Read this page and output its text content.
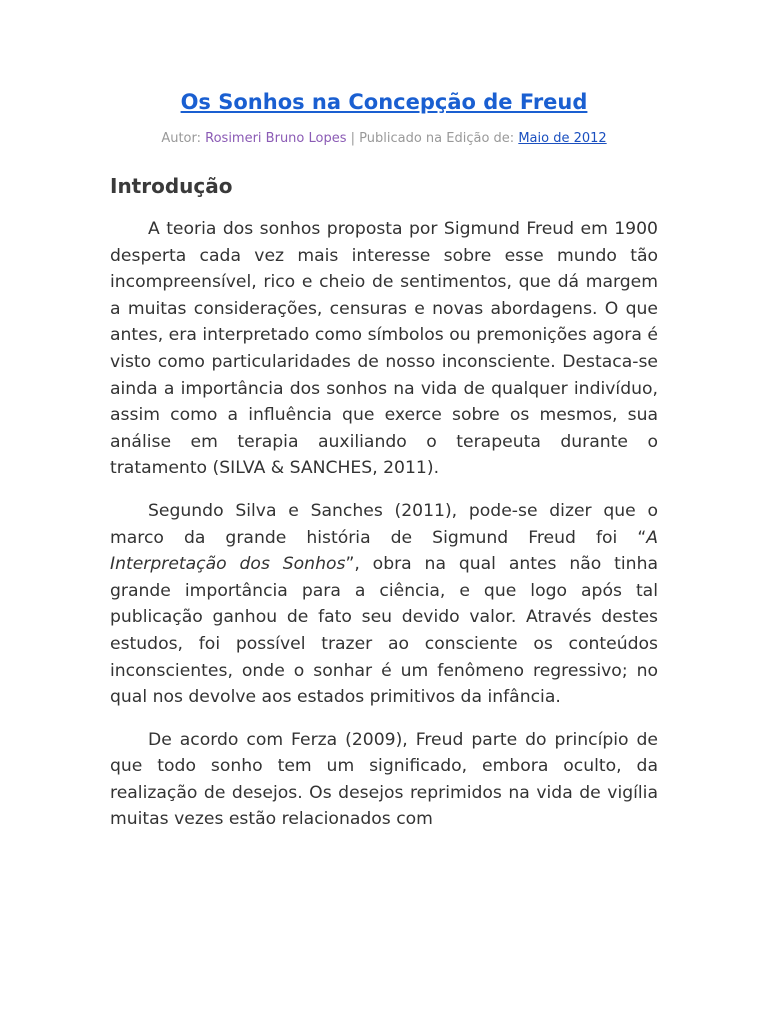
Os Sonhos na Concepção de Freud
Autor: Rosimeri Bruno Lopes | Publicado na Edição de: Maio de 2012
Introdução

A teoria dos sonhos proposta por Sigmund Freud em 1900 desperta cada vez mais interesse sobre esse mundo tão incompreensível, rico e cheio de sentimentos, que dá margem a muitas considerações, censuras e novas abordagens. O que antes, era interpretado como símbolos ou premonições agora é visto como particularidades de nosso inconsciente. Destaca-se ainda a importância dos sonhos na vida de qualquer indivíduo, assim como a influência que exerce sobre os mesmos, sua análise em terapia auxiliando o terapeuta durante o tratamento (SILVA & SANCHES, 2011).

Segundo Silva e Sanches (2011), pode-se dizer que o marco da grande história de Sigmund Freud foi “A Interpretação dos Sonhos”, obra na qual antes não tinha grande importância para a ciência, e que logo após tal publicação ganhou de fato seu devido valor. Através destes estudos, foi possível trazer ao consciente os conteúdos inconscientes, onde o sonhar é um fenômeno regressivo; no qual nos devolve aos estados primitivos da infância.

De acordo com Ferza (2009), Freud parte do princípio de que todo sonho tem um significado, embora oculto, da realização de desejos. Os desejos reprimidos na vida de vigília muitas vezes estão relacionados com
